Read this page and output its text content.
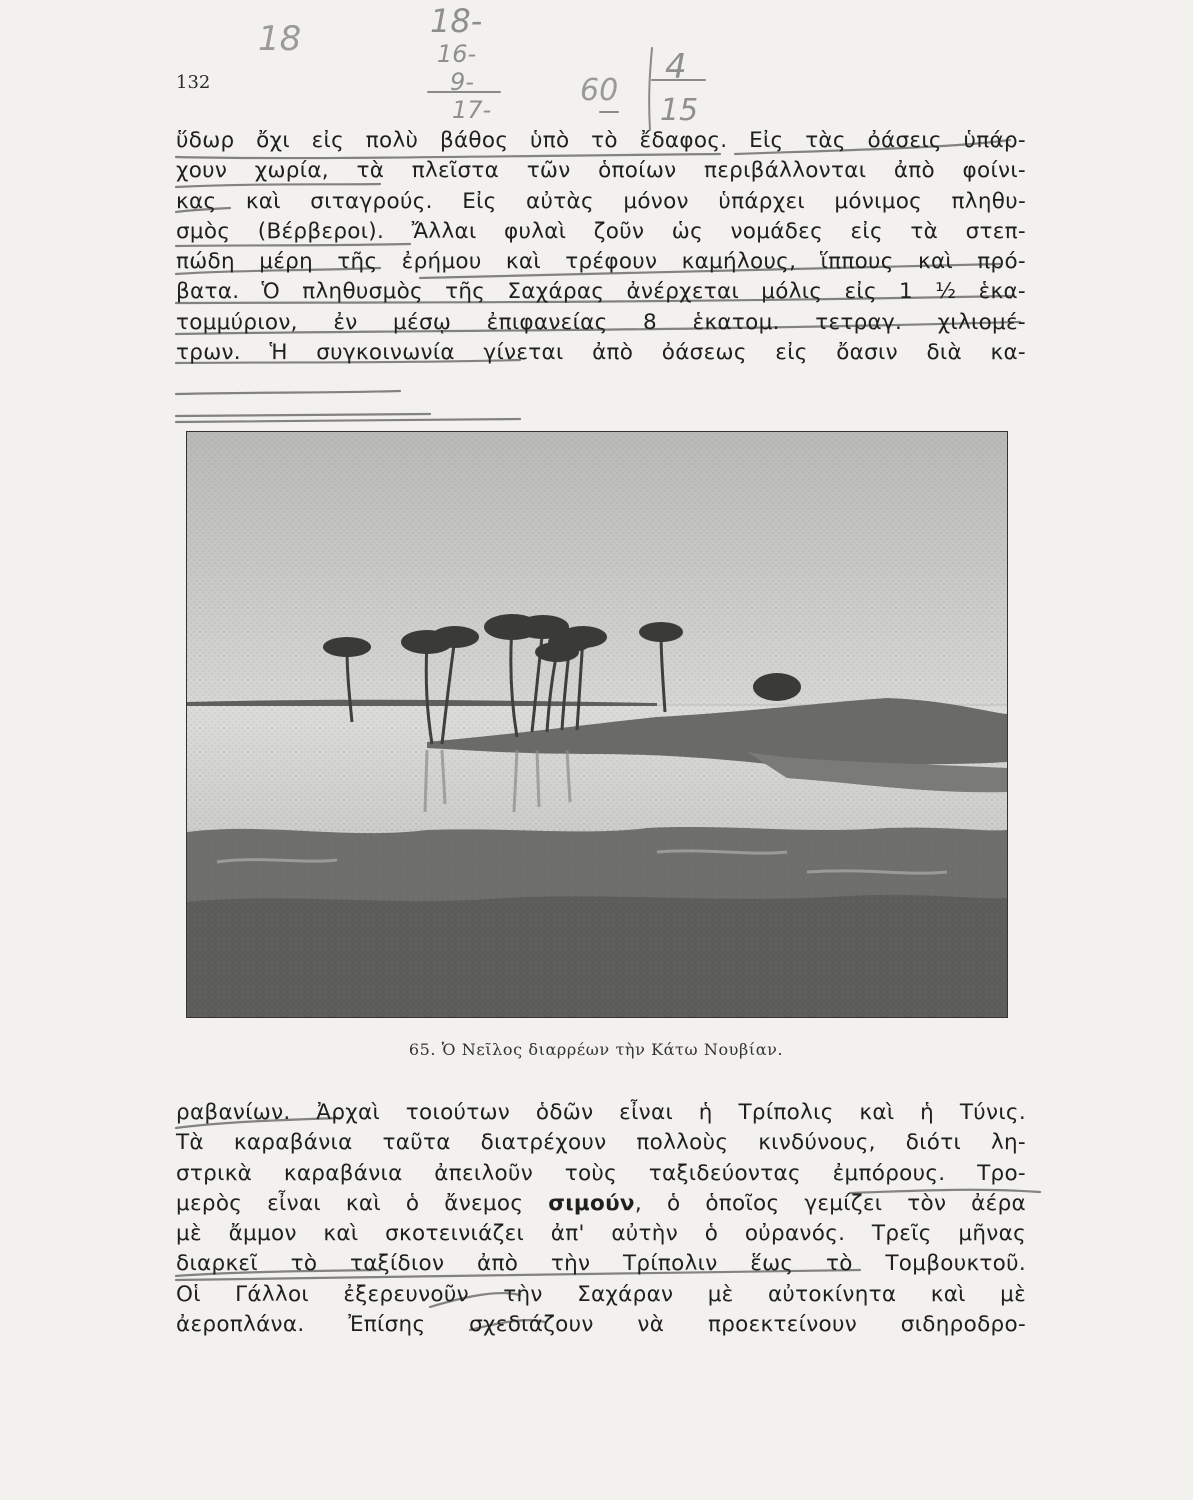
18	18-
16-
9-
17-
60
4
15
132
ὕδωρ ὄχι εἰς πολὺ βάθος ὑπὸ τὸ ἔδαφος. Εἰς τὰς ὀάσεις ὑπάρ-
χουν χωρία, τὰ πλεῖστα τῶν ὁποίων περιβάλλονται ἀπὸ φοίνι-
κας καὶ σιταγρούς. Εἰς αὐτὰς μόνον ὑπάρχει μόνιμος πληθυ-
σμὸς (Βέρβεροι). Ἄλλαι φυλαὶ ζοῦν ὡς νομάδες εἰς τὰ στεπ-
πώδη μέρη τῆς ἐρήμου καὶ τρέφουν καμήλους, ἵππους καὶ πρό-
βατα. Ὁ πληθυσμὸς τῆς Σαχάρας ἀνέρχεται μόλις εἰς 1 ½ ἑκα-
τομμύριον, ἐν μέσῳ ἐπιφανείας 8 ἑκατομ. τετραγ. χιλιομέ-
τρων. Ἡ συγκοινωνία γίνεται ἀπὸ ὀάσεως εἰς ὄασιν διὰ κα-
65. Ὁ Νεῖλος διαρρέων τὴν Κάτω Νουβίαν.
ραβανίων. Ἀρχαὶ τοιούτων ὁδῶν εἶναι ἡ Τρίπολις καὶ ἡ Τύνις.
Τὰ καραβάνια ταῦτα διατρέχουν πολλοὺς κινδύνους, διότι λη-
στρικὰ καραβάνια ἀπειλοῦν τοὺς ταξιδεύοντας ἐμπόρους. Τρο-
μερὸς εἶναι καὶ ὁ ἄνεμος σιμούν, ὁ ὁποῖος γεμίζει τὸν ἀέρα
μὲ ἄμμον καὶ σκοτεινιάζει ἀπ' αὐτὴν ὁ οὐρανός. Τρεῖς μῆνας
διαρκεῖ τὸ ταξίδιον ἀπὸ τὴν Τρίπολιν ἕως τὸ Τομβουκτοῦ.
Οἱ Γάλλοι ἐξερευνοῦν τὴν Σαχάραν μὲ αὐτοκίνητα καὶ μὲ
ἀεροπλάνα. Ἐπίσης σχεδιάζουν νὰ προεκτείνουν σιδηροδρο-
